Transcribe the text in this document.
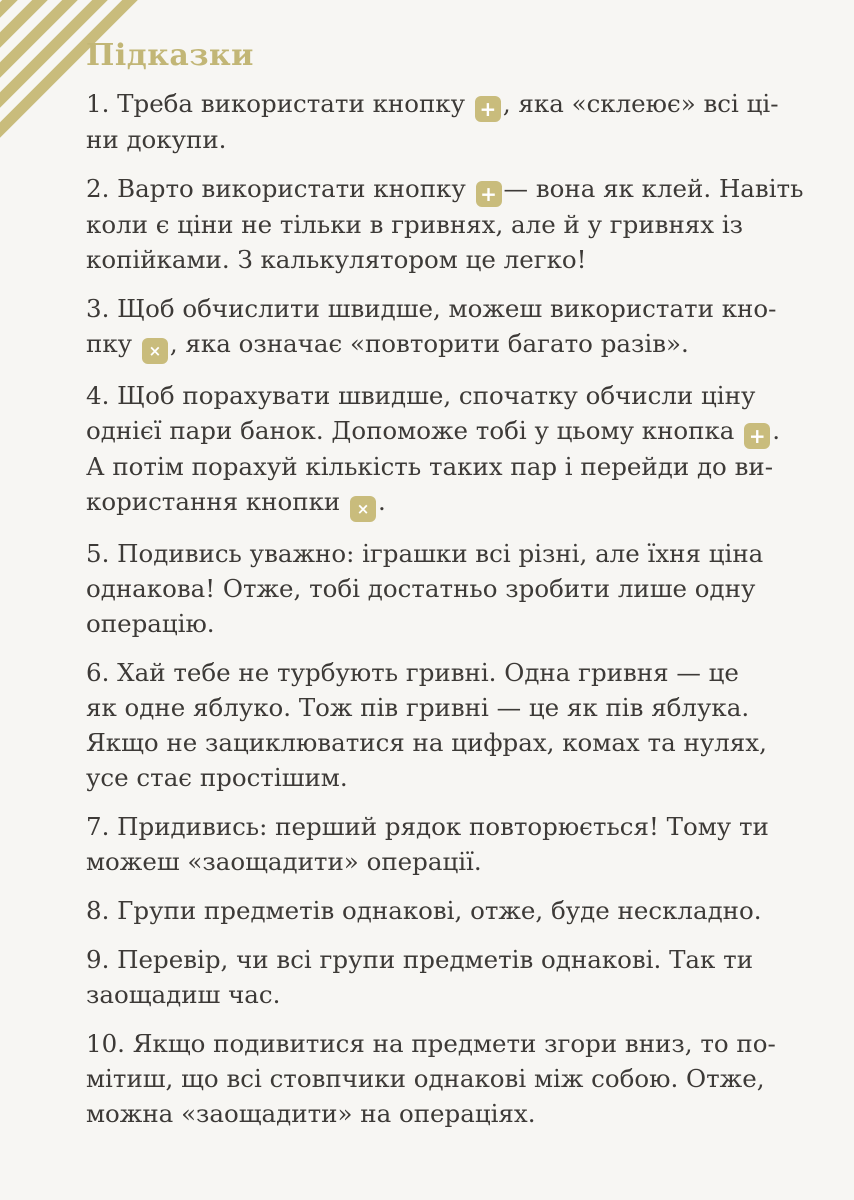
Підказки

1. Треба використати кнопку + , яка «склеює» всі ці-

ни докупи.

2. Варто використати кнопку + — вона як клей. Навіть

коли є ціни не тільки в гривнях, але й у гривнях із

копійками. З калькулятором це легко!

3. Щоб обчислити швидше, можеш використати кно-

пку × , яка означає «повторити багато разів».

4. Щоб порахувати швидше, спочатку обчисли ціну

однієї пари банок. Допоможе тобі у цьому кнопка + .

А потім порахуй кількість таких пар і перейди до ви-

користання кнопки × .

5. Подивись уважно: іграшки всі різні, але їхня ціна

однакова! Отже, тобі достатньо зробити лише одну

операцію.

6. Хай тебе не турбують гривні. Одна гривня — це

як одне яблуко. Тож пів гривні — це як пів яблука.

Якщо не зациклюватися на цифрах, комах та нулях,

усе стає простішим.

7. Придивись: перший рядок повторюється! Тому ти

можеш «заощадити» операції.

8. Групи предметів однакові, отже, буде нескладно.

9. Перевір, чи всі групи предметів однакові. Так ти

заощадиш час.

10. Якщо подивитися на предмети згори вниз, то по-

мітиш, що всі стовпчики однакові між собою. Отже,

можна «заощадити» на операціях.
